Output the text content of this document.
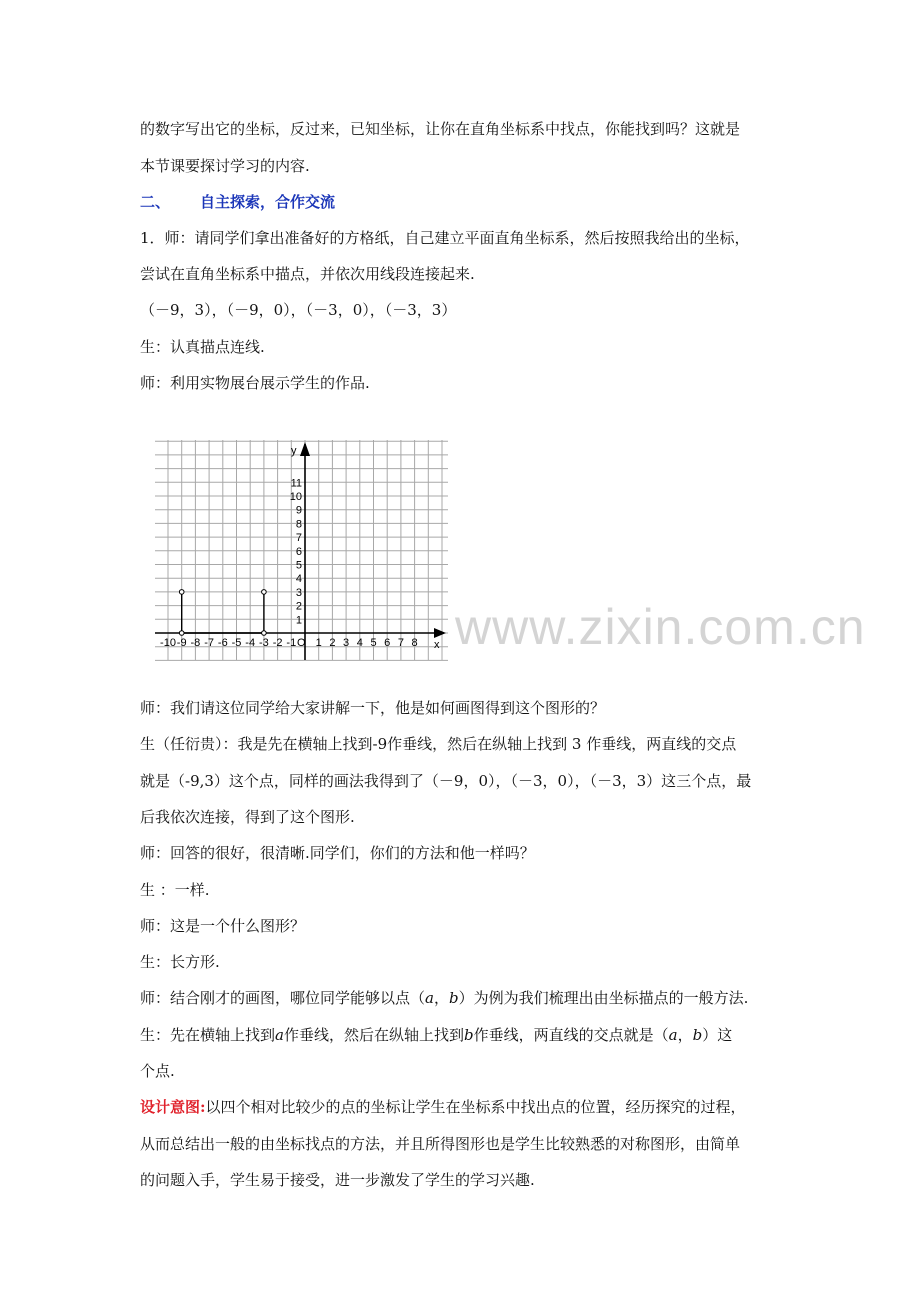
的数字写出它的坐标，反过来，已知坐标，让你在直角坐标系中找点，你能找到吗？这就是
本节课要探讨学习的内容.
二、 自主探索，合作交流
1．师：请同学们拿出准备好的方格纸，自己建立平面直角坐标系，然后按照我给出的坐标，
尝试在直角坐标系中描点，并依次用线段连接起来.
（－9，3），（－9，0），（－3，0），（－3，3）
生：认真描点连线.
师：利用实物展台展示学生的作品.
x
y
O
-10 -9 -8 -7 -6 -5 -4 -3 -2 -1 1 2 3 4 5 6 7 8
1
2
3
4
5
6
7
8
9
10
11
www.zixin.com.cn
师：我们请这位同学给大家讲解一下，他是如何画图得到这个图形的？
生（任衍贵）：我是先在横轴上找到-9作垂线，然后在纵轴上找到 3 作垂线，两直线的交点
就是（-9,3）这个点，同样的画法我得到了（－9，0），（－3，0），（－3，3）这三个点，最
后我依次连接，得到了这个图形.
师：回答的很好，很清晰.同学们，你们的方法和他一样吗？
生 ：一样.
师：这是一个什么图形？
生：长方形.
师：结合刚才的画图，哪位同学能够以点（a，b）为例为我们梳理出由坐标描点的一般方法.
生：先在横轴上找到a作垂线，然后在纵轴上找到b作垂线，两直线的交点就是（a，b）这
个点.
设计意图:以四个相对比较少的点的坐标让学生在坐标系中找出点的位置，经历探究的过程，
从而总结出一般的由坐标找点的方法，并且所得图形也是学生比较熟悉的对称图形，由简单
的问题入手，学生易于接受，进一步激发了学生的学习兴趣.
